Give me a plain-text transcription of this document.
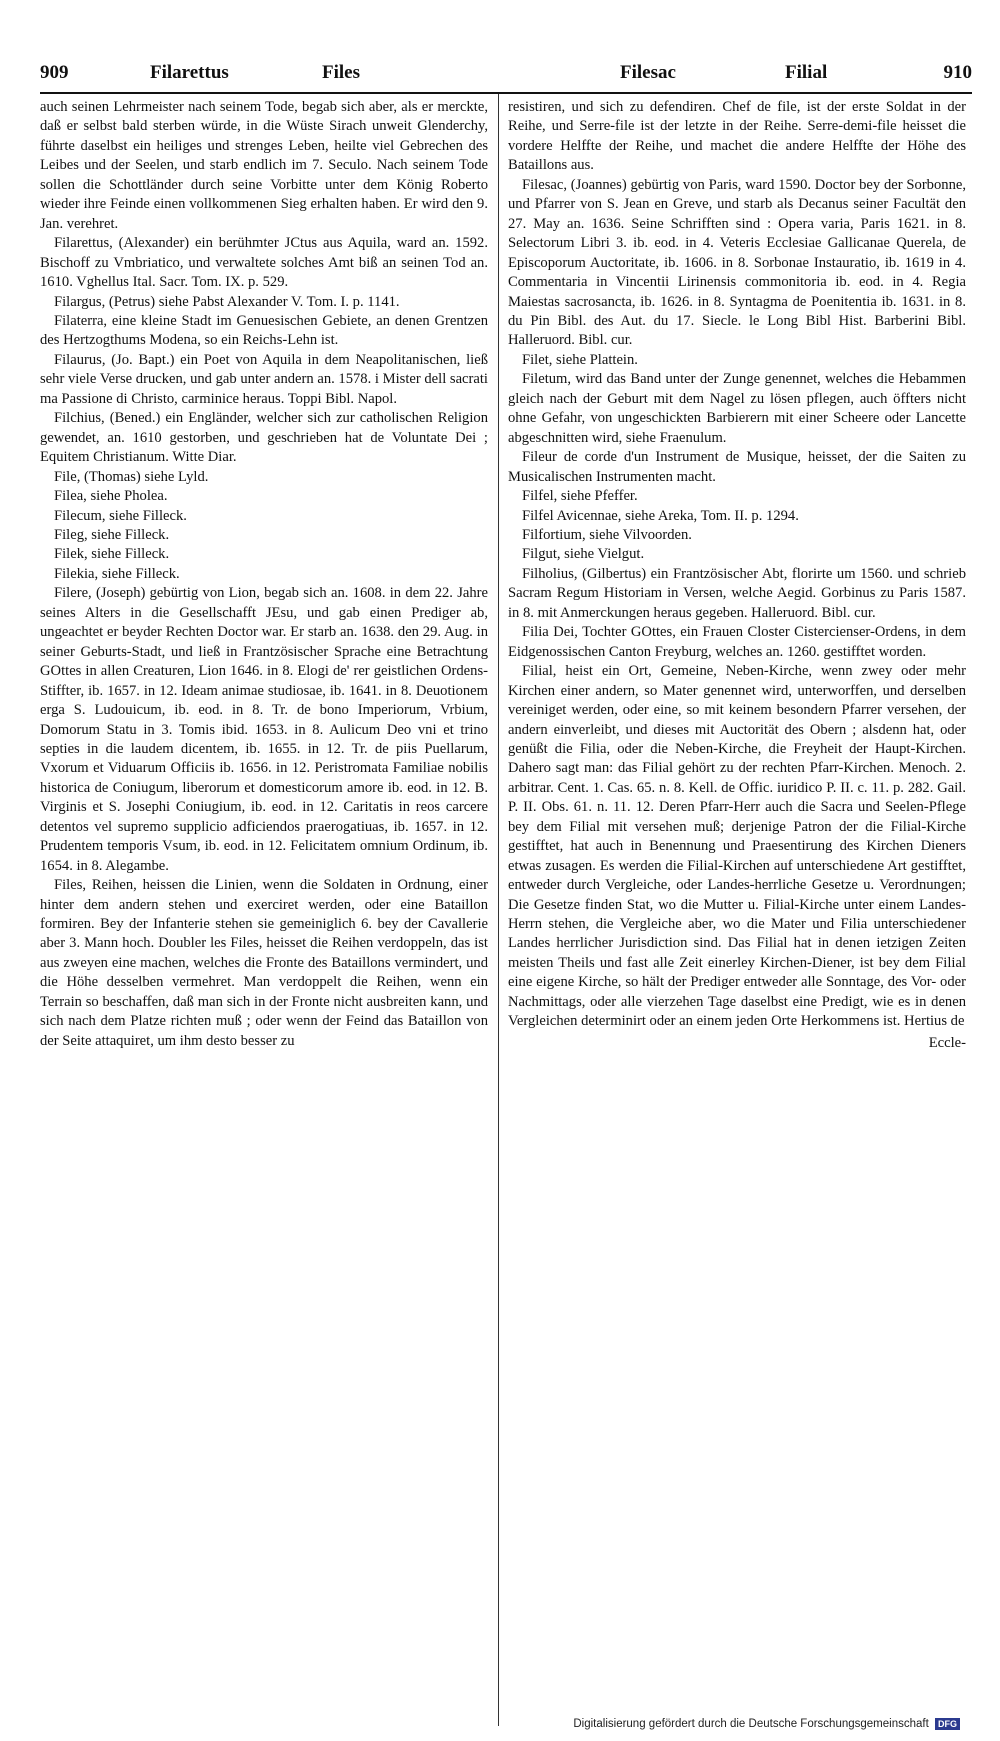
909	Filarettus	Files	Filesac	Filial	910

auch seinen Lehrmeister nach seinem Tode, begab sich aber, als er merckte, daß er selbst bald sterben würde, in die Wüste Sirach unweit Glenderchy, führte daselbst ein heiliges und strenges Leben, heilte viel Gebrechen des Leibes und der Seelen, und starb endlich im 7. Seculo. Nach seinem Tode sollen die Schottländer durch seine Vorbitte unter dem König Roberto wieder ihre Feinde einen vollkommenen Sieg erhalten haben. Er wird den 9. Jan. verehret.

Filarettus, (Alexander) ein berühmter JCtus aus Aquila, ward an. 1592. Bischoff zu Vmbriatico, und verwaltete solches Amt biß an seinen Tod an. 1610. Vghellus Ital. Sacr. Tom. IX. p. 529.

Filargus, (Petrus) siehe Pabst Alexander V. Tom. I. p. 1141.

Filaterra, eine kleine Stadt im Genuesischen Gebiete, an denen Grentzen des Hertzogthums Modena, so ein Reichs-Lehn ist.

Filaurus, (Jo. Bapt.) ein Poet von Aquila in dem Neapolitanischen, ließ sehr viele Verse drucken, und gab unter andern an. 1578. i Mister dell sacrati ma Passione di Christo, carminice heraus. Toppi Bibl. Napol.

Filchius, (Bened.) ein Engländer, welcher sich zur catholischen Religion gewendet, an. 1610 gestorben, und geschrieben hat de Voluntate Dei ; Equitem Christianum. Witte Diar.

File, (Thomas) siehe Lyld.

Filea, siehe Pholea.

Filecum, siehe Filleck.

Fileg, siehe Filleck.

Filek, siehe Filleck.

Filekia, siehe Filleck.

Filere, (Joseph) gebürtig von Lion, begab sich an. 1608. in dem 22. Jahre seines Alters in die Gesellschafft JEsu, und gab einen Prediger ab, ungeachtet er beyder Rechten Doctor war. Er starb an. 1638. den 29. Aug. in seiner Geburts-Stadt, und ließ in Frantzösischer Sprache eine Betrachtung GOttes in allen Creaturen, Lion 1646. in 8. Elogi de' rer geistlichen Ordens-Stiffter, ib. 1657. in 12. Ideam animae studiosae, ib. 1641. in 8. Deuotionem erga S. Ludouicum, ib. eod. in 8. Tr. de bono Imperiorum, Vrbium, Domorum Statu in 3. Tomis ibid. 1653. in 8. Aulicum Deo vni et trino septies in die laudem dicentem, ib. 1655. in 12. Tr. de piis Puellarum, Vxorum et Viduarum Officiis ib. 1656. in 12. Peristromata Familiae nobilis historica de Coniugum, liberorum et domesticorum amore ib. eod. in 12. B. Virginis et S. Josephi Coniugium, ib. eod. in 12. Caritatis in reos carcere detentos vel supremo supplicio adficiendos praerogatiuas, ib. 1657. in 12. Prudentem temporis Vsum, ib. eod. in 12. Felicitatem omnium Ordinum, ib. 1654. in 8. Alegambe.

Files, Reihen, heissen die Linien, wenn die Soldaten in Ordnung, einer hinter dem andern stehen und exerciret werden, oder eine Bataillon formiren. Bey der Infanterie stehen sie gemeiniglich 6. bey der Cavallerie aber 3. Mann hoch. Doubler les Files, heisset die Reihen verdoppeln, das ist aus zweyen eine machen, welches die Fronte des Bataillons vermindert, und die Höhe desselben vermehret. Man verdoppelt die Reihen, wenn ein Terrain so beschaffen, daß man sich in der Fronte nicht ausbreiten kann, und sich nach dem Platze richten muß ; oder wenn der Feind das Bataillon von der Seite attaquiret, um ihm desto besser zu

resistiren, und sich zu defendiren. Chef de file, ist der erste Soldat in der Reihe, und Serre-file ist der letzte in der Reihe. Serre-demi-file heisset die vordere Helffte der Reihe, und machet die andere Helffte der Höhe des Bataillons aus.

Filesac, (Joannes) gebürtig von Paris, ward 1590. Doctor bey der Sorbonne, und Pfarrer von S. Jean en Greve, und starb als Decanus seiner Facultät den 27. May an. 1636. Seine Schrifften sind : Opera varia, Paris 1621. in 8. Selectorum Libri 3. ib. eod. in 4. Veteris Ecclesiae Gallicanae Querela, de Episcoporum Auctoritate, ib. 1606. in 8. Sorbonae Instauratio, ib. 1619 in 4. Commentaria in Vincentii Lirinensis commonitoria ib. eod. in 4. Regia Maiestas sacrosancta, ib. 1626. in 8. Syntagma de Poenitentia ib. 1631. in 8. du Pin Bibl. des Aut. du 17. Siecle. le Long Bibl Hist. Barberini Bibl. Halleruord. Bibl. cur.

Filet, siehe Plattein.

Filetum, wird das Band unter der Zunge genennet, welches die Hebammen gleich nach der Geburt mit dem Nagel zu lösen pflegen, auch öffters nicht ohne Gefahr, von ungeschickten Barbierern mit einer Scheere oder Lancette abgeschnitten wird, siehe Fraenulum.

Fileur de corde d'un Instrument de Musique, heisset, der die Saiten zu Musicalischen Instrumenten macht.

Filfel, siehe Pfeffer.

Filfel Avicennae, siehe Areka, Tom. II. p. 1294.

Filfortium, siehe Vilvoorden.

Filgut, siehe Vielgut.

Filholius, (Gilbertus) ein Frantzösischer Abt, florirte um 1560. und schrieb Sacram Regum Historiam in Versen, welche Aegid. Gorbinus zu Paris 1587. in 8. mit Anmerckungen heraus gegeben. Halleruord. Bibl. cur.

Filia Dei, Tochter GOttes, ein Frauen Closter Cistercienser-Ordens, in dem Eidgenossischen Canton Freyburg, welches an. 1260. gestifftet worden.

Filial, heist ein Ort, Gemeine, Neben-Kirche, wenn zwey oder mehr Kirchen einer andern, so Mater genennet wird, unterworffen, und derselben vereiniget werden, oder eine, so mit keinem besondern Pfarrer versehen, der andern einverleibt, und dieses mit Auctorität des Obern ; alsdenn hat, oder genüßt die Filia, oder die Neben-Kirche, die Freyheit der Haupt-Kirchen. Dahero sagt man: das Filial gehört zu der rechten Pfarr-Kirchen. Menoch. 2. arbitrar. Cent. 1. Cas. 65. n. 8. Kell. de Offic. iuridico P. II. c. 11. p. 282. Gail. P. II. Obs. 61. n. 11. 12. Deren Pfarr-Herr auch die Sacra und Seelen-Pflege bey dem Filial mit versehen muß; derjenige Patron der die Filial-Kirche gestifftet, hat auch in Benennung und Praesentirung des Kirchen Dieners etwas zusagen. Es werden die Filial-Kirchen auf unterschiedene Art gestifftet, entweder durch Vergleiche, oder Landes-herrliche Gesetze u. Verordnungen; Die Gesetze finden Stat, wo die Mutter u. Filial-Kirche unter einem Landes-Herrn stehen, die Vergleiche aber, wo die Mater und Filia unterschiedener Landes herrlicher Jurisdiction sind. Das Filial hat in denen ietzigen Zeiten meisten Theils und fast alle Zeit einerley Kirchen-Diener, ist bey dem Filial eine eigene Kirche, so hält der Prediger entweder alle Sonntage, des Vor- oder Nachmittags, oder alle vierzehen Tage daselbst eine Predigt, wie es in denen Vergleichen determinirt oder an einem jeden Orte Herkommens ist. Hertius de

Eccle-

Digitalisierung gefördert durch die Deutsche Forschungsgemeinschaft DFG
